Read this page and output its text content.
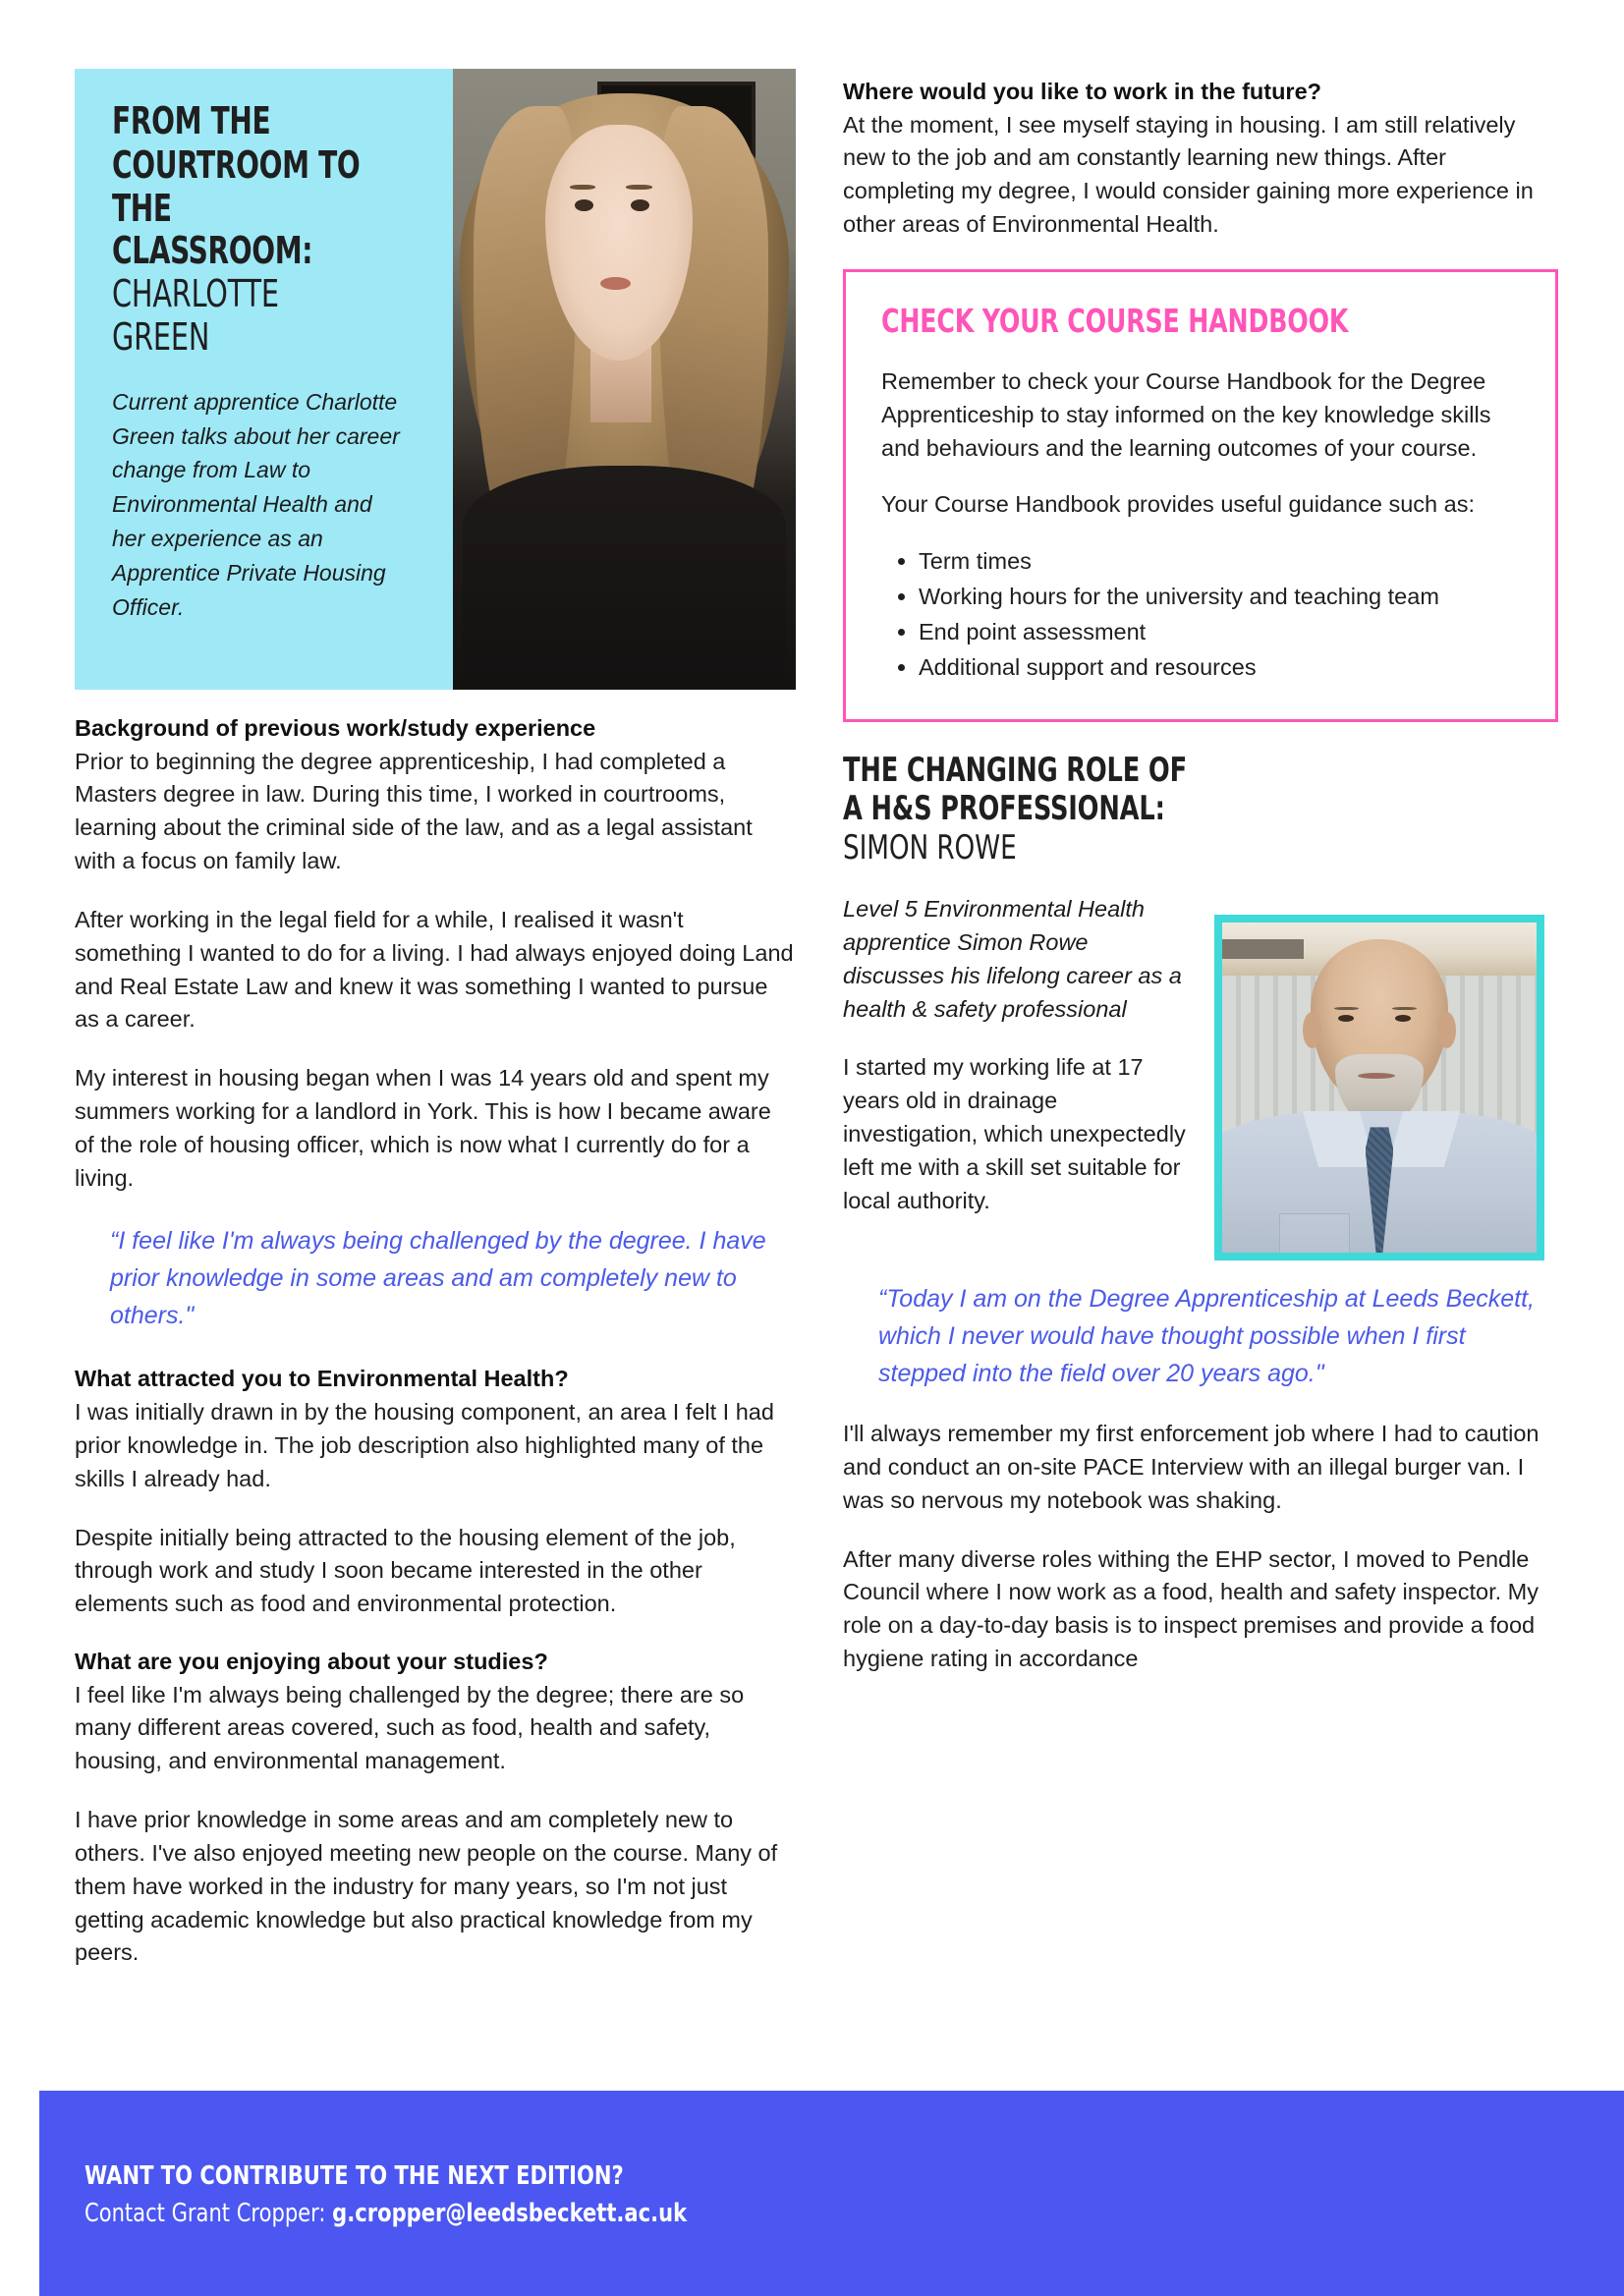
FROM THE
COURTROOM TO
THE CLASSROOM:
CHARLOTTE GREEN
Current apprentice Charlotte Green talks about her career change from Law to Environmental Health and her experience as an Apprentice Private Housing Officer.
Background of previous work/study experience

Prior to beginning the degree apprenticeship, I had completed a Masters degree in law. During this time, I worked in courtrooms, learning about the criminal side of the law, and as a legal assistant with a focus on family law.

After working in the legal field for a while, I realised it wasn't something I wanted to do for a living. I had always enjoyed doing Land and Real Estate Law and knew it was something I wanted to pursue as a career.

My interest in housing began when I was 14 years old and spent my summers working for a landlord in York. This is how I became aware of the role of housing officer, which is now what I currently do for a living.

“I feel like I'm always being challenged by the degree. I have prior knowledge in some areas and am completely new to others."
What attracted you to Environmental Health?

I was initially drawn in by the housing component, an area I felt I had prior knowledge in. The job description also highlighted many of the skills I already had.

Despite initially being attracted to the housing element of the job, through work and study I soon became interested in the other elements such as food and environmental protection.

What are you enjoying about your studies?

I feel like I'm always being challenged by the degree; there are so many different areas covered, such as food, health and safety, housing, and environmental management.

I have prior knowledge in some areas and am completely new to others. I've also enjoyed meeting new people on the course. Many of them have worked in the industry for many years, so I'm not just getting academic knowledge but also practical knowledge from my peers.

Where would you like to work in the future?

At the moment, I see myself staying in housing. I am still relatively new to the job and am constantly learning new things. After completing my degree, I would consider gaining more experience in other areas of Environmental Health.

CHECK YOUR COURSE HANDBOOK

Remember to check your Course Handbook for the Degree Apprenticeship to stay informed on the key knowledge skills and behaviours and the learning outcomes of your course.

Your Course Handbook provides useful guidance such as:

• Term times
• Working hours for the university and teaching team
• End point assessment
• Additional support and resources
THE CHANGING ROLE OF
A H&S PROFESSIONAL:
SIMON ROWE

Level 5 Environmental Health apprentice Simon Rowe discusses his lifelong career as a health & safety professional

I started my working life at 17 years old in drainage investigation, which unexpectedly left me with a skill set suitable for local authority.

“Today I am on the Degree Apprenticeship at Leeds Beckett, which I never would have thought possible when I first stepped into the field over 20 years ago."

I'll always remember my first enforcement job where I had to caution and conduct an on-site PACE Interview with an illegal burger van. I was so nervous my notebook was shaking.

After many diverse roles withing the EHP sector, I moved to Pendle Council where I now work as a food, health and safety inspector. My role on a day-to-day basis is to inspect premises and provide a food hygiene rating in accordance

WANT TO CONTRIBUTE TO THE NEXT EDITION?
Contact Grant Cropper: g.cropper@leedsbeckett.ac.uk
